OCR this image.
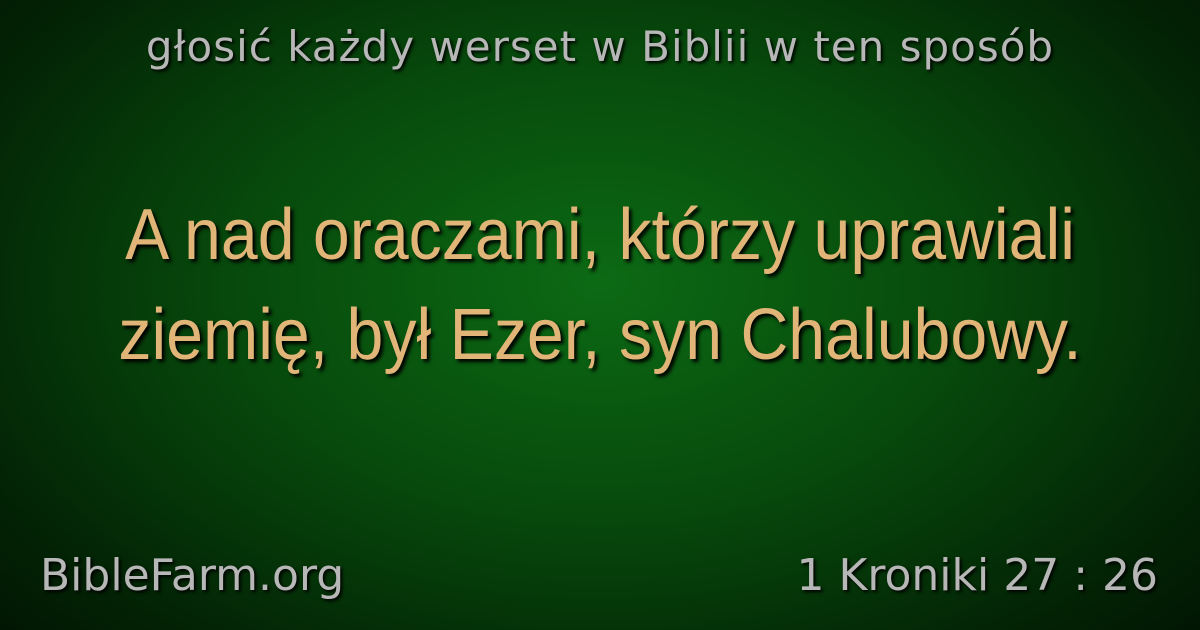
głosić każdy werset w Biblii w ten sposób
A nad oraczami, którzy uprawiali
ziemię, był Ezer, syn Chalubowy.
BibleFarm.org	1 Kroniki 27 : 26
